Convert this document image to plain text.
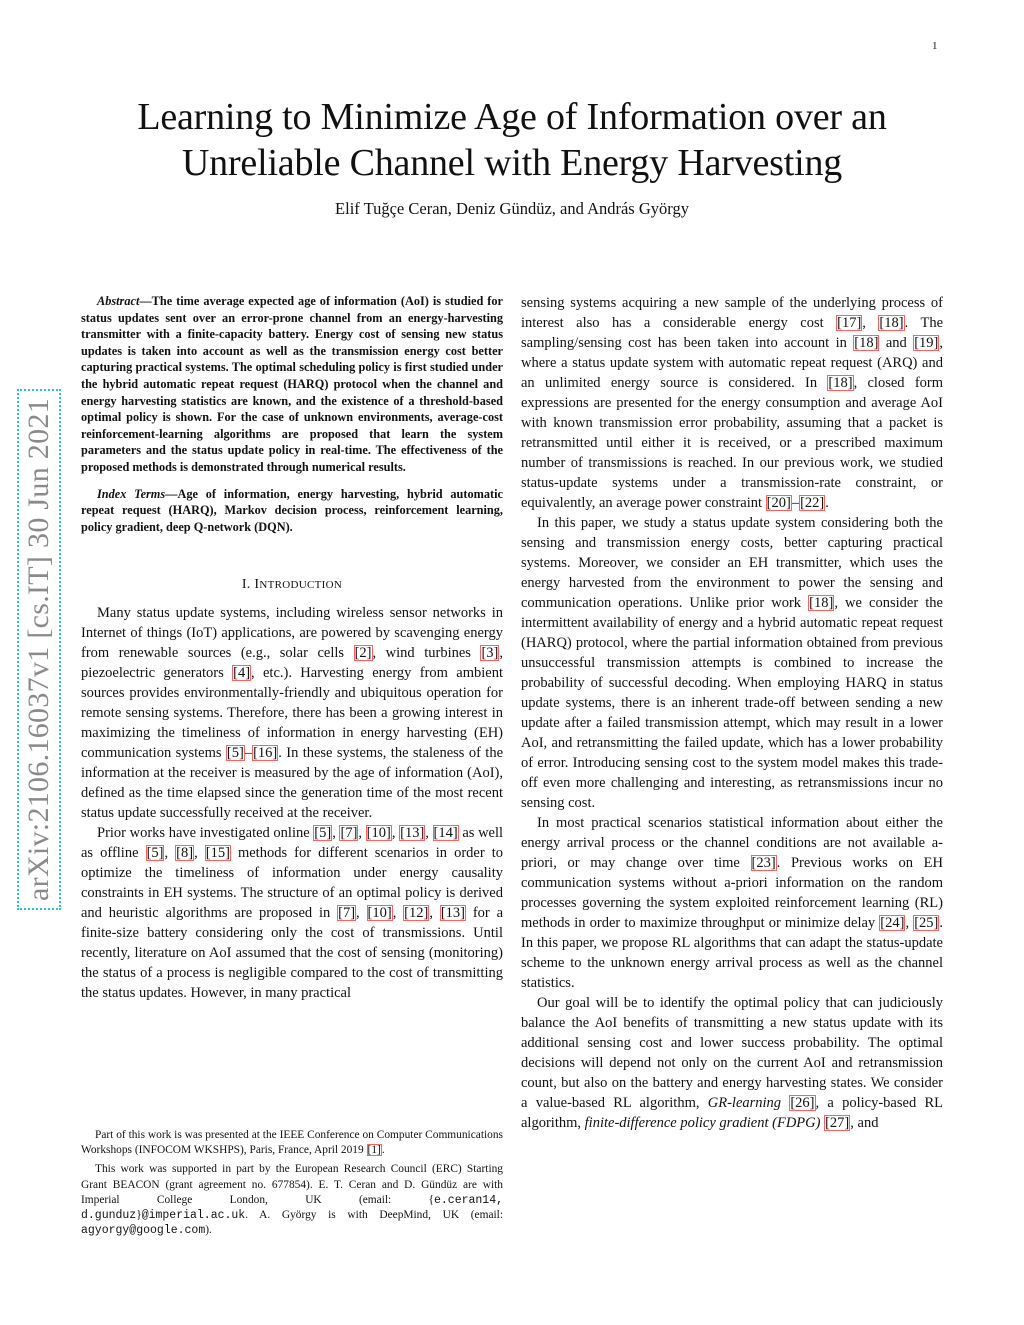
1
Learning to Minimize Age of Information over an Unreliable Channel with Energy Harvesting
Elif Tuğçe Ceran, Deniz Gündüz, and András György
arXiv:2106.16037v1 [cs.IT] 30 Jun 2021

Abstract—The time average expected age of information (AoI) is studied for status updates sent over an error-prone channel from an energy-harvesting transmitter with a finite-capacity battery. Energy cost of sensing new status updates is taken into account as well as the transmission energy cost better capturing practical systems. The optimal scheduling policy is first studied under the hybrid automatic repeat request (HARQ) protocol when the channel and energy harvesting statistics are known, and the existence of a threshold-based optimal policy is shown. For the case of unknown environments, average-cost reinforcement-learning algorithms are proposed that learn the system parameters and the status update policy in real-time. The effectiveness of the proposed methods is demonstrated through numerical results.

Index Terms—Age of information, energy harvesting, hybrid automatic repeat request (HARQ), Markov decision process, reinforcement learning, policy gradient, deep Q-network (DQN).

I. INTRODUCTION

Many status update systems, including wireless sensor networks in Internet of things (IoT) applications, are powered by scavenging energy from renewable sources (e.g., solar cells [2], wind turbines [3], piezoelectric generators [4], etc.). Harvesting energy from ambient sources provides environmentally-friendly and ubiquitous operation for remote sensing systems. Therefore, there has been a growing interest in maximizing the timeliness of information in energy harvesting (EH) communication systems [5]–[16]. In these systems, the staleness of the information at the receiver is measured by the age of information (AoI), defined as the time elapsed since the generation time of the most recent status update successfully received at the receiver.

Prior works have investigated online [5], [7], [10], [13], [14] as well as offline [5], [8], [15] methods for different scenarios in order to optimize the timeliness of information under energy causality constraints in EH systems. The structure of an optimal policy is derived and heuristic algorithms are proposed in [7], [10], [12], [13] for a finite-size battery considering only the cost of transmissions. Until recently, literature on AoI assumed that the cost of sensing (monitoring) the status of a process is negligible compared to the cost of transmitting the status updates. However, in many practical

Part of this work is was presented at the IEEE Conference on Computer Communications Workshops (INFOCOM WKSHPS), Paris, France, April 2019 [1].

This work was supported in part by the European Research Council (ERC) Starting Grant BEACON (grant agreement no. 677854). E. T. Ceran and D. Gündüz are with Imperial College London, UK (email: {e.ceran14, d.gunduz}@imperial.ac.uk. A. György is with DeepMind, UK (email: agyorgy@google.com).

sensing systems acquiring a new sample of the underlying process of interest also has a considerable energy cost [17], [18]. The sampling/sensing cost has been taken into account in [18] and [19], where a status update system with automatic repeat request (ARQ) and an unlimited energy source is considered. In [18], closed form expressions are presented for the energy consumption and average AoI with known transmission error probability, assuming that a packet is retransmitted until either it is received, or a prescribed maximum number of transmissions is reached. In our previous work, we studied status-update systems under a transmission-rate constraint, or equivalently, an average power constraint [20]–[22].

In this paper, we study a status update system considering both the sensing and transmission energy costs, better capturing practical systems. Moreover, we consider an EH transmitter, which uses the energy harvested from the environment to power the sensing and communication operations. Unlike prior work [18], we consider the intermittent availability of energy and a hybrid automatic repeat request (HARQ) protocol, where the partial information obtained from previous unsuccessful transmission attempts is combined to increase the probability of successful decoding. When employing HARQ in status update systems, there is an inherent trade-off between sending a new update after a failed transmission attempt, which may result in a lower AoI, and retransmitting the failed update, which has a lower probability of error. Introducing sensing cost to the system model makes this trade-off even more challenging and interesting, as retransmissions incur no sensing cost.

In most practical scenarios statistical information about either the energy arrival process or the channel conditions are not available a-priori, or may change over time [23]. Previous works on EH communication systems without a-priori information on the random processes governing the system exploited reinforcement learning (RL) methods in order to maximize throughput or minimize delay [24], [25]. In this paper, we propose RL algorithms that can adapt the status-update scheme to the unknown energy arrival process as well as the channel statistics.

Our goal will be to identify the optimal policy that can judiciously balance the AoI benefits of transmitting a new status update with its additional sensing cost and lower success probability. The optimal decisions will depend not only on the current AoI and retransmission count, but also on the battery and energy harvesting states. We consider a value-based RL algorithm, GR-learning [26], a policy-based RL algorithm, finite-difference policy gradient (FDPG) [27], and
